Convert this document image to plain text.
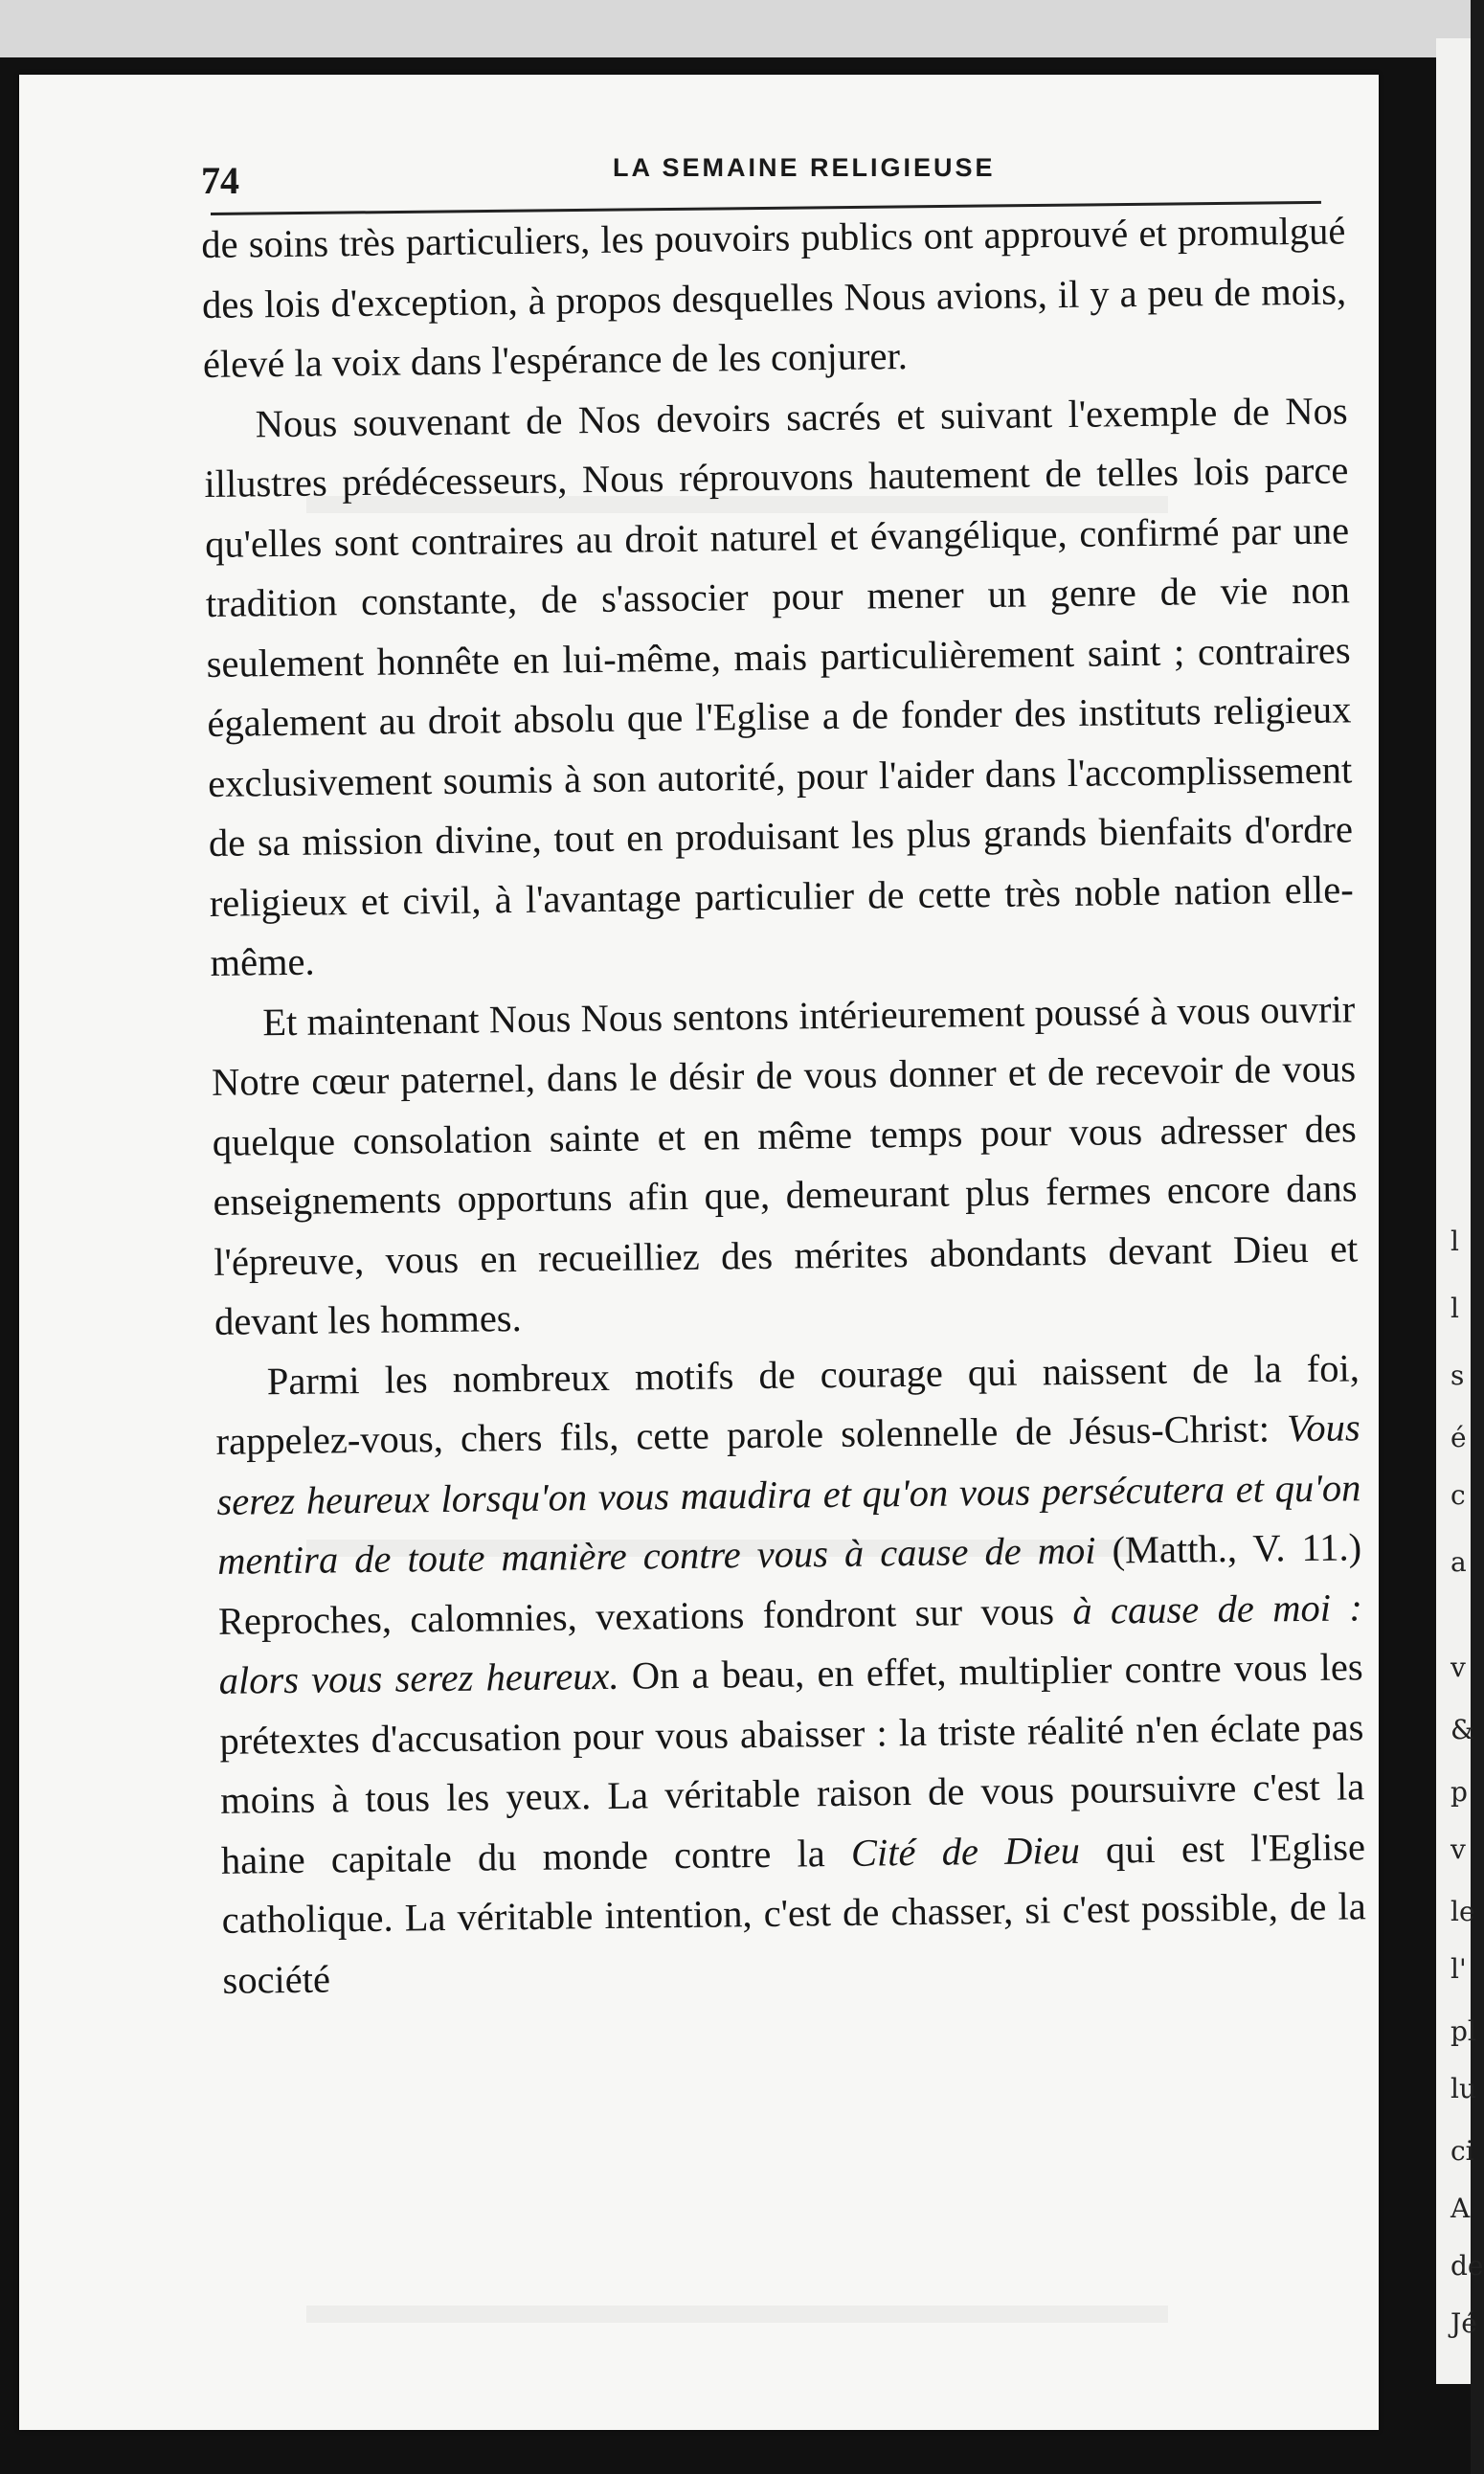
l
l
s
é
c
a
v
&
p
v
le
l'
pl
lu
ci
A
de
Jé
74	LA SEMAINE RELIGIEUSE

de soins très particuliers, les pouvoirs publics ont approuvé et promulgué des lois d'exception, à propos desquelles Nous avions, il y a peu de mois, élevé la voix dans l'espérance de les conjurer.

Nous souvenant de Nos devoirs sacrés et suivant l'exemple de Nos illustres prédécesseurs, Nous réprouvons hautement de telles lois parce qu'elles sont contraires au droit naturel et évangélique, confirmé par une tradition constante, de s'associer pour mener un genre de vie non seulement honnête en lui-même, mais particulièrement saint ; contraires également au droit absolu que l'Eglise a de fonder des instituts religieux exclusivement soumis à son autorité, pour l'aider dans l'accomplissement de sa mission divine, tout en produisant les plus grands bienfaits d'ordre religieux et civil, à l'avantage particulier de cette très noble nation elle-même.

Et maintenant Nous Nous sentons intérieurement poussé à vous ouvrir Notre cœur paternel, dans le désir de vous donner et de recevoir de vous quelque consolation sainte et en même temps pour vous adresser des enseignements opportuns afin que, demeurant plus fermes encore dans l'épreuve, vous en recueilliez des mérites abondants devant Dieu et devant les hommes.

Parmi les nombreux motifs de courage qui naissent de la foi, rappelez-vous, chers fils, cette parole solennelle de Jésus-Christ: Vous serez heureux lorsqu'on vous maudira et qu'on vous persécutera et qu'on mentira de toute manière contre vous à cause de moi (Matth., V. 11.) Reproches, calomnies, vexations fondront sur vous à cause de moi : alors vous serez heureux. On a beau, en effet, multiplier contre vous les prétextes d'accusation pour vous abaisser : la triste réalité n'en éclate pas moins à tous les yeux. La véritable raison de vous poursuivre c'est la haine capitale du monde contre la Cité de Dieu qui est l'Eglise catholique. La véritable intention, c'est de chasser, si c'est possible, de la société
